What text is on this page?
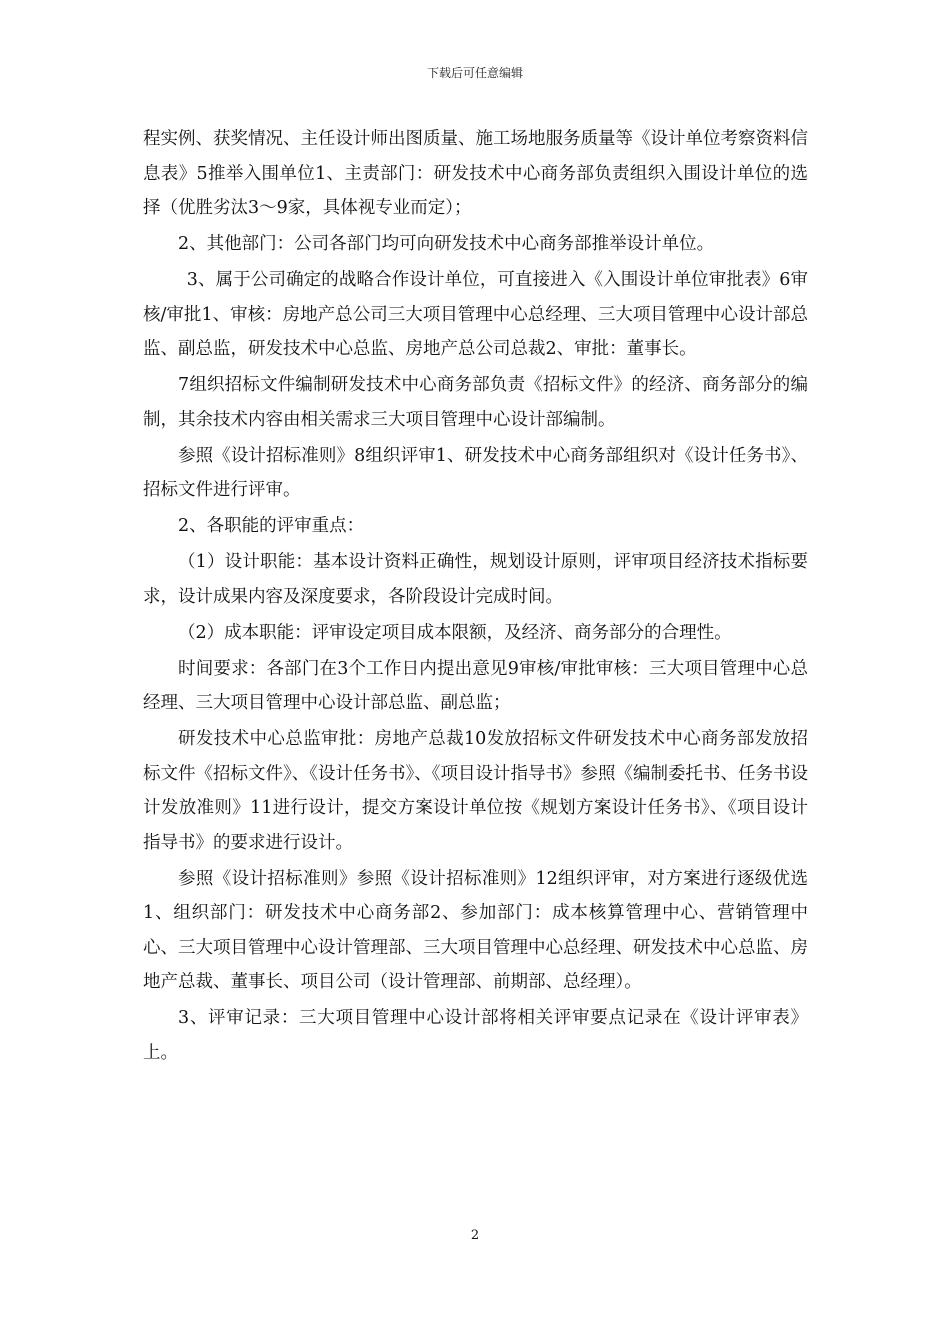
下载后可任意编辑

程实例、获奖情况、主任设计师出图质量、施工场地服务质量等《设计单位考察资料信息表》5推举入围单位1、主责部门：研发技术中心商务部负责组织入围设计单位的选择（优胜劣汰3～9家，具体视专业而定）；

2、其他部门：公司各部门均可向研发技术中心商务部推举设计单位。

3、属于公司确定的战略合作设计单位，可直接进入《入围设计单位审批表》6审核/审批1、审核：房地产总公司三大项目管理中心总经理、三大项目管理中心设计部总监、副总监，研发技术中心总监、房地产总公司总裁2、审批：董事长。

7组织招标文件编制研发技术中心商务部负责《招标文件》的经济、商务部分的编制，其余技术内容由相关需求三大项目管理中心设计部编制。

参照《设计招标准则》8组织评审1、研发技术中心商务部组织对《设计任务书》、招标文件进行评审。

2、各职能的评审重点：

（1）设计职能：基本设计资料正确性，规划设计原则，评审项目经济技术指标要求，设计成果内容及深度要求，各阶段设计完成时间。

（2）成本职能：评审设定项目成本限额，及经济、商务部分的合理性。

时间要求：各部门在3个工作日内提出意见9审核/审批审核：三大项目管理中心总经理、三大项目管理中心设计部总监、副总监；

研发技术中心总监审批：房地产总裁10发放招标文件研发技术中心商务部发放招标文件《招标文件》、《设计任务书》、《项目设计指导书》参照《编制委托书、任务书设计发放准则》11进行设计，提交方案设计单位按《规划方案设计任务书》、《项目设计指导书》的要求进行设计。

参照《设计招标准则》参照《设计招标准则》12组织评审，对方案进行逐级优选1、组织部门：研发技术中心商务部2、参加部门：成本核算管理中心、营销管理中心、三大项目管理中心设计管理部、三大项目管理中心总经理、研发技术中心总监、房地产总裁、董事长、项目公司（设计管理部、前期部、总经理）。

3、评审记录：三大项目管理中心设计部将相关评审要点记录在《设计评审表》上。

2
